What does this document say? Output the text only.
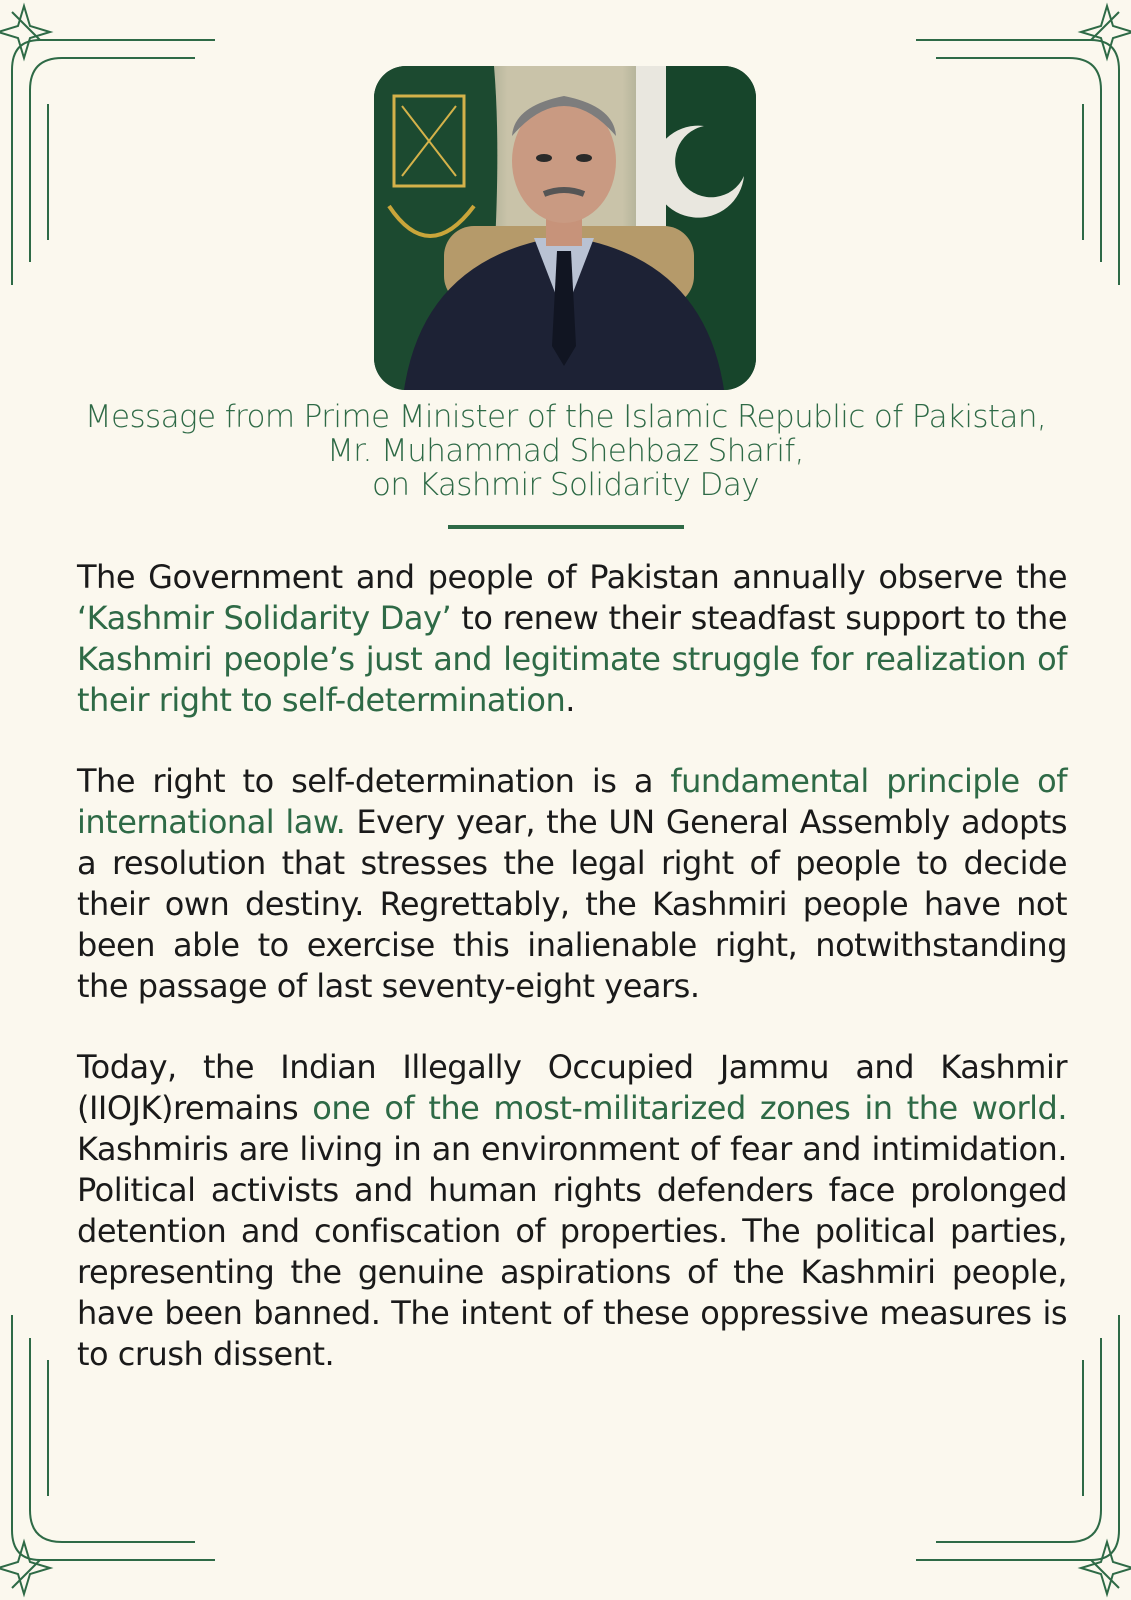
Message from Prime Minister of the Islamic Republic of Pakistan,
Mr. Muhammad Shehbaz Sharif,
on Kashmir Solidarity Day

The Government and people of Pakistan annually observe the ‘Kashmir Solidarity Day’ to renew their steadfast support to the Kashmiri people’s just and legitimate struggle for realization of their right to self-determination.

The right to self-determination is a fundamental principle of international law. Every year, the UN General Assembly adopts a resolution that stresses the legal right of people to decide their own destiny. Regrettably, the Kashmiri people have not been able to exercise this inalienable right, notwithstanding the passage of last seventy-eight years.

Today, the Indian Illegally Occupied Jammu and Kashmir (IIOJK)remains one of the most-militarized zones in the world. Kashmiris are living in an environment of fear and intimidation. Political activists and human rights defenders face prolonged detention and confiscation of properties. The political parties, representing the genuine aspirations of the Kashmiri people, have been banned. The intent of these oppressive measures is to crush dissent.
